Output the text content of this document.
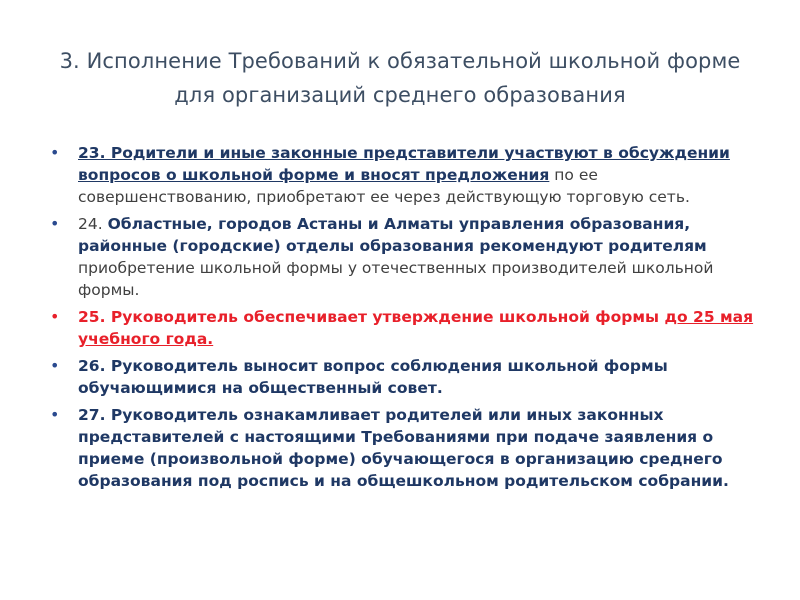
3. Исполнение Требований к обязательной школьной форме
для организаций среднего образования
• 23. Родители и иные законные представители участвуют в обсуждении вопросов о школьной форме и вносят предложения по ее совершенствованию, приобретают ее через действующую торговую сеть.
• 24. Областные, городов Астаны и Алматы управления образования, районные (городские) отделы образования рекомендуют родителям приобретение школьной формы у отечественных производителей школьной формы.
• 25. Руководитель обеспечивает утверждение школьной формы до 25 мая учебного года.
• 26. Руководитель выносит вопрос соблюдения школьной формы обучающимися на общественный совет.
• 27. Руководитель ознакамливает родителей или иных законных представителей с настоящими Требованиями при подаче заявления о приеме (произвольной форме) обучающегося в организацию среднего образования под роспись и на общешкольном родительском собрании.
